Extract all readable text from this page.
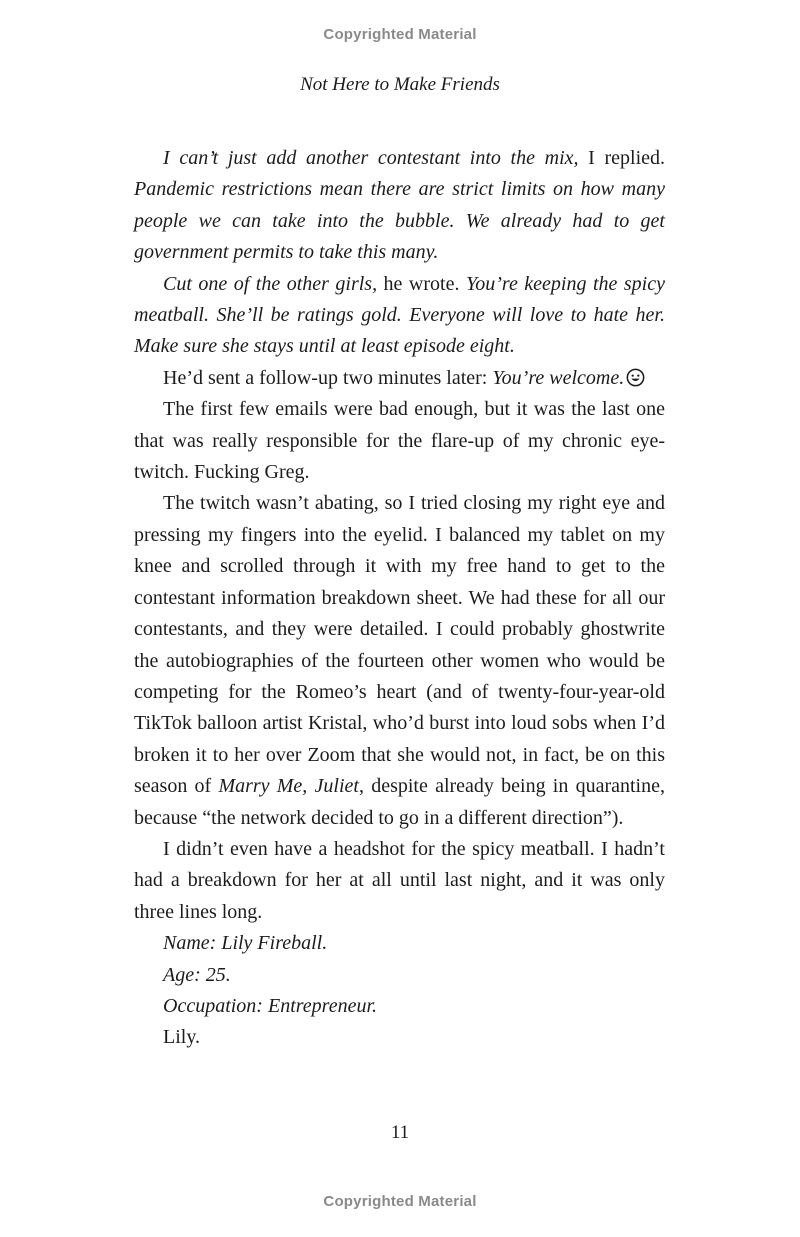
Copyrighted Material
Not Here to Make Friends

I can’t just add another contestant into the mix, I replied. Pandemic restrictions mean there are strict limits on how many people we can take into the bubble. We already had to get government permits to take this many.

Cut one of the other girls, he wrote. You’re keeping the spicy meatball. She’ll be ratings gold. Everyone will love to hate her. Make sure she stays until at least episode eight.

He’d sent a follow-up two minutes later: You’re welcome.

The first few emails were bad enough, but it was the last one that was really responsible for the flare-up of my chronic eye-twitch. Fucking Greg.

The twitch wasn’t abating, so I tried closing my right eye and pressing my fingers into the eyelid. I balanced my tablet on my knee and scrolled through it with my free hand to get to the contestant information breakdown sheet. We had these for all our contestants, and they were detailed. I could probably ghostwrite the autobiographies of the fourteen other women who would be competing for the Romeo’s heart (and of twenty-four-year-old TikTok balloon artist Kristal, who’d burst into loud sobs when I’d broken it to her over Zoom that she would not, in fact, be on this season of Marry Me, Juliet, despite already being in quarantine, because “the network decided to go in a different direction”).

I didn’t even have a headshot for the spicy meatball. I hadn’t had a breakdown for her at all until last night, and it was only three lines long.

Name: Lily Fireball.

Age: 25.

Occupation: Entrepreneur.

Lily.

11
Copyrighted Material
